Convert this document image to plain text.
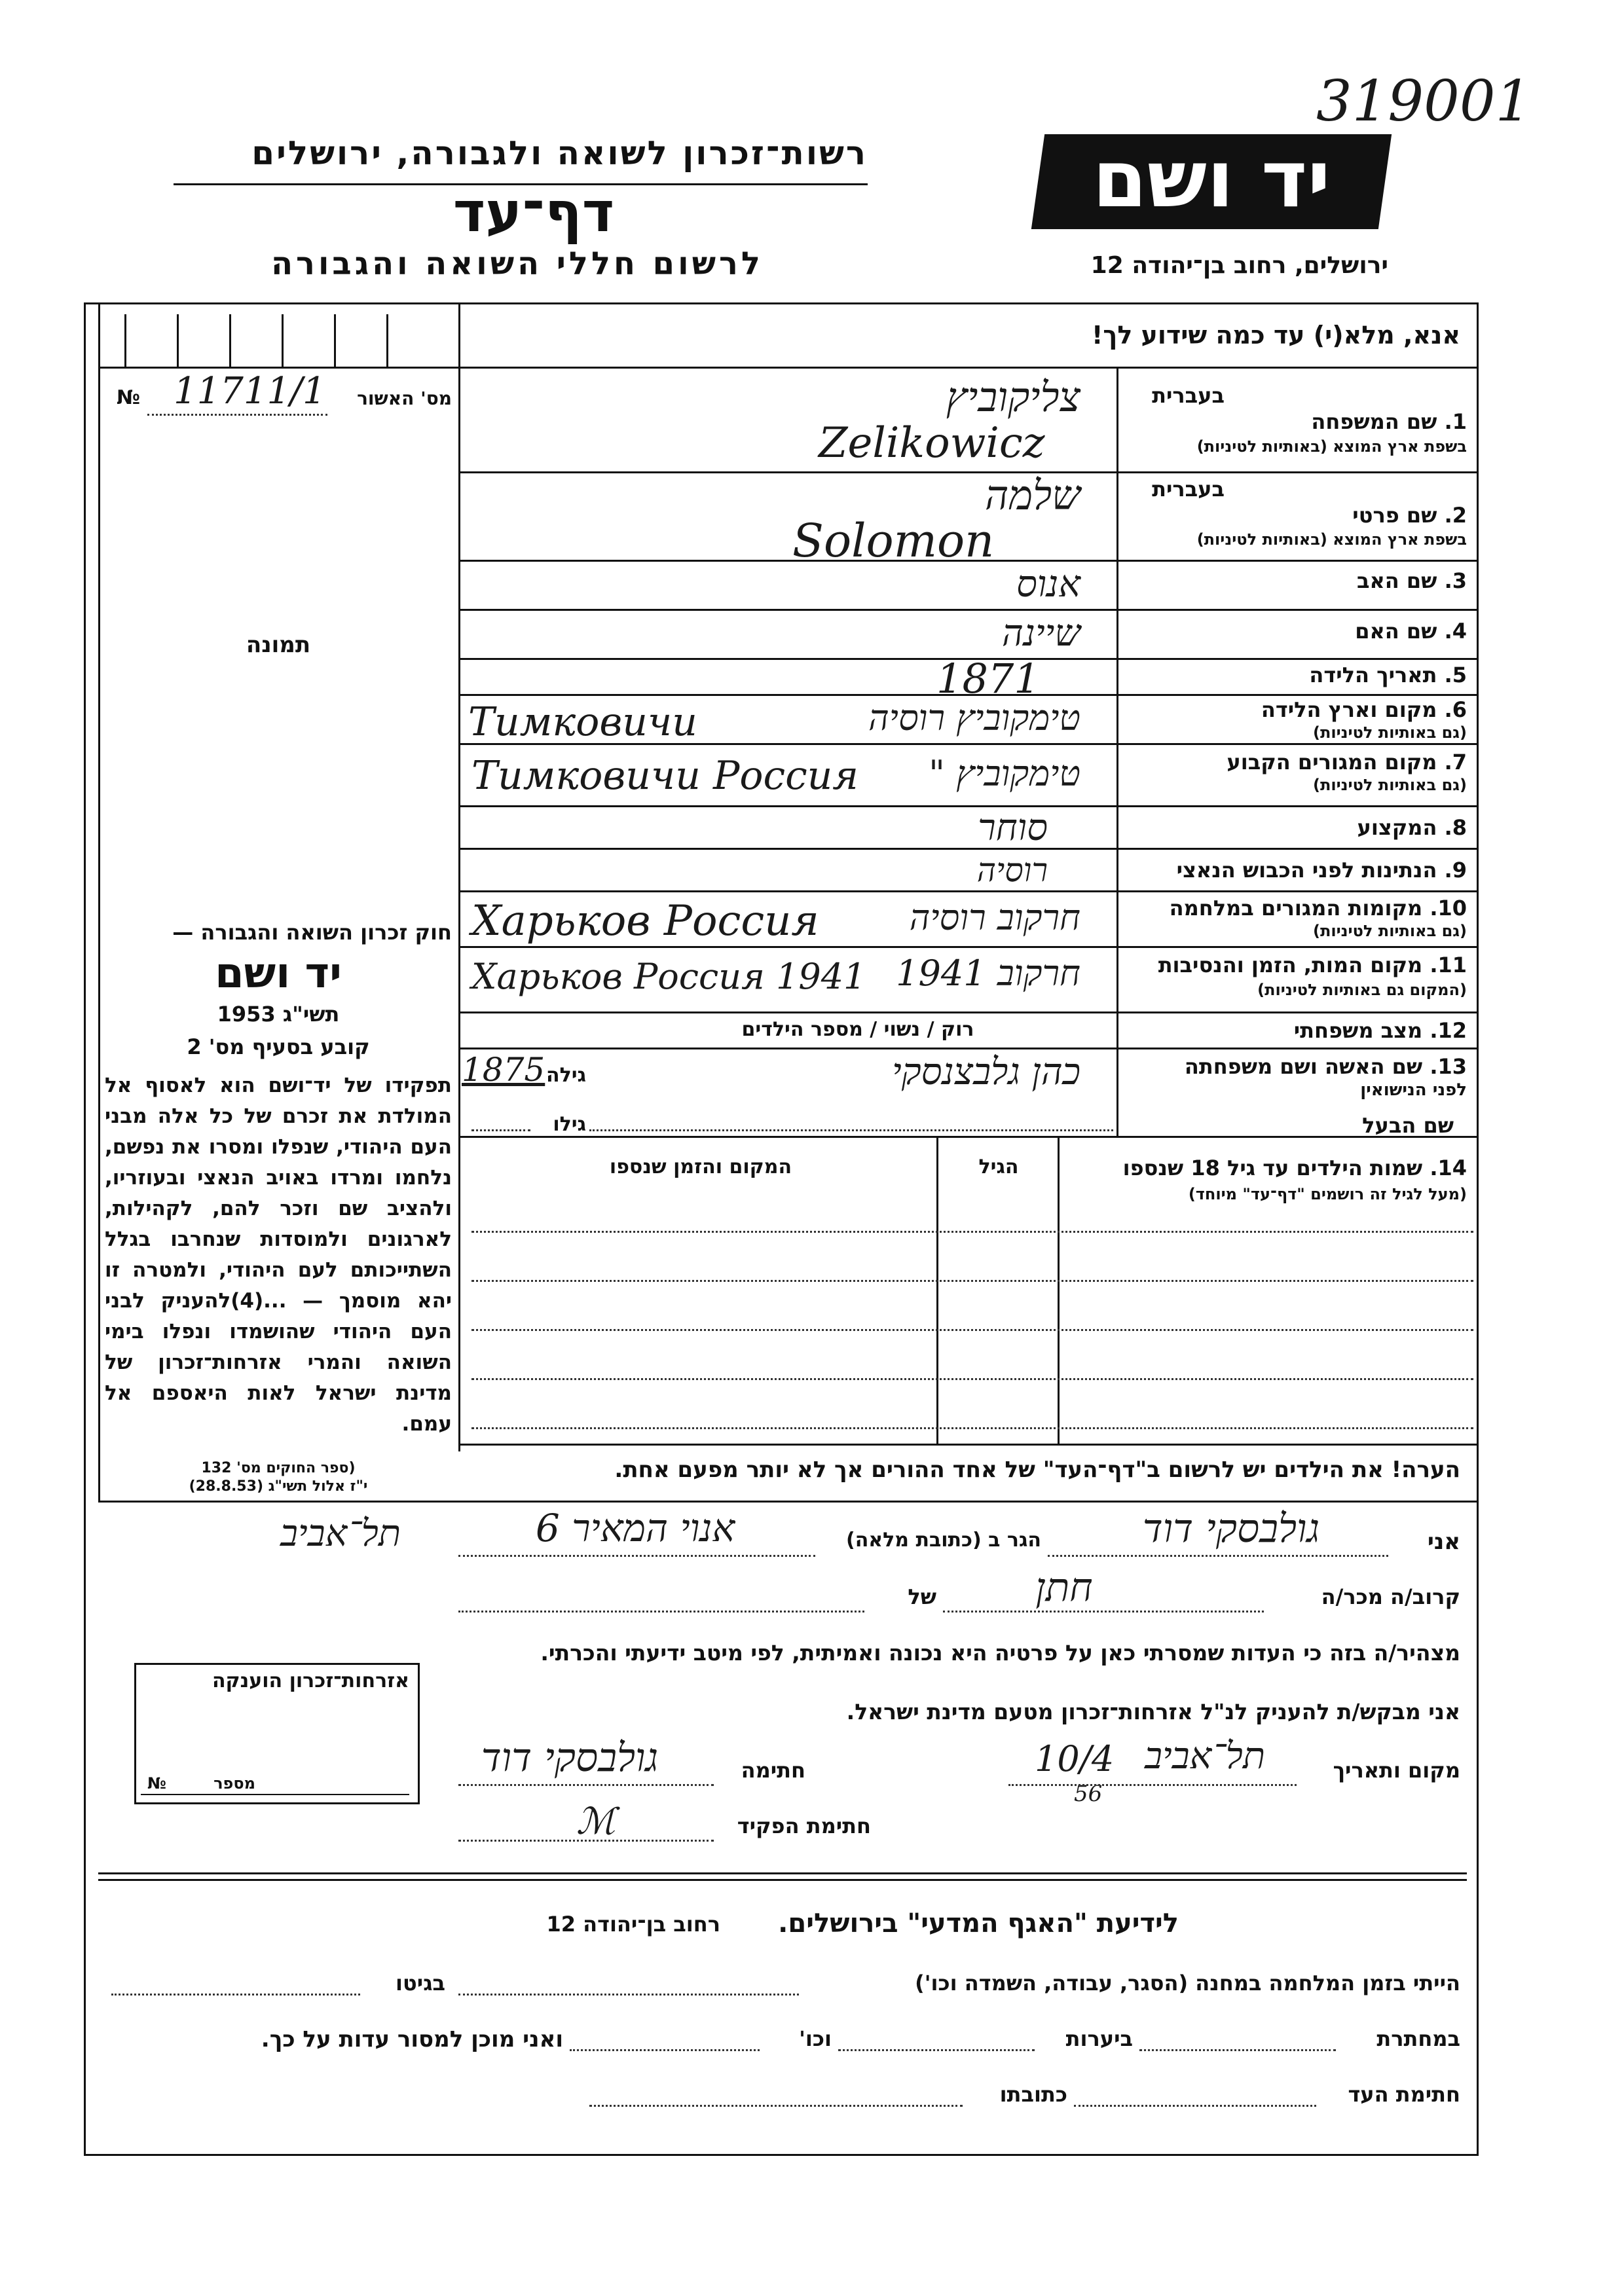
319001
רשות־זכרון לשואה ולגבורה, ירושלים
דף־עד
לרשום חללי השואה והגבורה
יד ושם
ירושלים, רחוב בן־יהודה 12
מס' האשור
11711/1
№
תמונה
אנא, מלא(י) עד כמה שידוע לך!
בעברית
1. שם המשפחה
בשפת ארץ המוצא (באותיות לטיניות)
צליקוביץ
Zelikowicz
בעברית
2. שם פרטי
בשפת ארץ המוצא (באותיות לטיניות)
שלמה
Solomon
3. שם האב
אנוס
4. שם האם
שיינה
5. תאריך הלידה
1871
6. מקום וארץ הלידה
(גם באותיות לטיניות)
טימקוביץ רוסיה
Тимковичи
7. מקום המגורים הקבוע
(גם באותיות לטיניות)
טימקוביץ "
Тимковичи Россия
8. המקצוע
סוחר
9. הנתינות לפני הכבוש הנאצי
רוסיה
10. מקומות המגורים במלחמה
(גם באותיות לטיניות)
חרקוב רוסיה
Харьков Россия
11. מקום המות, הזמן והנסיבות
(המקום גם באותיות לטיניות)
חרקוב 1941
Харьков Россия 1941
12. מצב משפחתי
רוק / נשוי / מספר הילדים
13. שם האשה ושם משפחתה
לפני הנישואין
כהן גלבצנסקי
גילה
1875
שם הבעל
גילו
14. שמות הילדים עד גיל 18 שנספו
(מעל לגיל זה רושמים "דף־עד" מיוחד)
הגיל
המקום והזמן שנספו
הערה! את הילדים יש לרשום ב"דף־העד" של אחד ההורים אך לא יותר מפעם אחת.
חוק זכרון השואה והגבורה —
יד ושם
תשי"ג 1953
קובע בסעיף מס' 2
תפקידו של יד־ושם הוא לאסוף אל המולדת את זכרם של כל אלה מבני העם היהודי, שנפלו ומסרו את נפשם, נלחמו ומרדו באויב הנאצי ובעוזריו, ולהציב שם וזכר להם, לקהילות, לארגונים ולמוסדות שנחרבו בגלל השתייכותם לעם היהודי, ולמטרה זו יהא מוסמך — ...(4)להעניק לבני העם היהודי שהושמדו ונפלו בימי השואה והמרי אזרחות־זכרון של מדינת ישראל לאות היאספם אל עמם.
(ספר החוקים מס' 132
י"ז אלול תשי"ג (28.8.53)
אני
גולבסקי דוד
הגר ב (כתובת מלאה)
אנוי המאיר 6
תל־אביב
קרוב/ה מכר/ה
חתן
של
מצהיר/ה בזה כי העדות שמסרתי כאן על פרטיה היא נכונה ואמיתית, לפי מיטב ידיעתי והכרתי.
אזרחות־זכרון הוענקה
מספר
№
אני מבקש/ת להעניק לנ"ל אזרחות־זכרון מטעם מדינת ישראל.
מקום ותאריך
תל־אביב
10/4
56
חתימה
גולבסקי דוד
חתימת הפקיד
ℳ
לידיעת "האגף המדעי" בירושלים.
רחוב בן־יהודה 12
הייתי בזמן המלחמה במחנה (הסגר, עבודה, השמדה וכו')
בגיטו
במחתרת
ביערות
וכו'
ואני מוכן למסור עדות על כך.
חתימת העד
כתובתו
